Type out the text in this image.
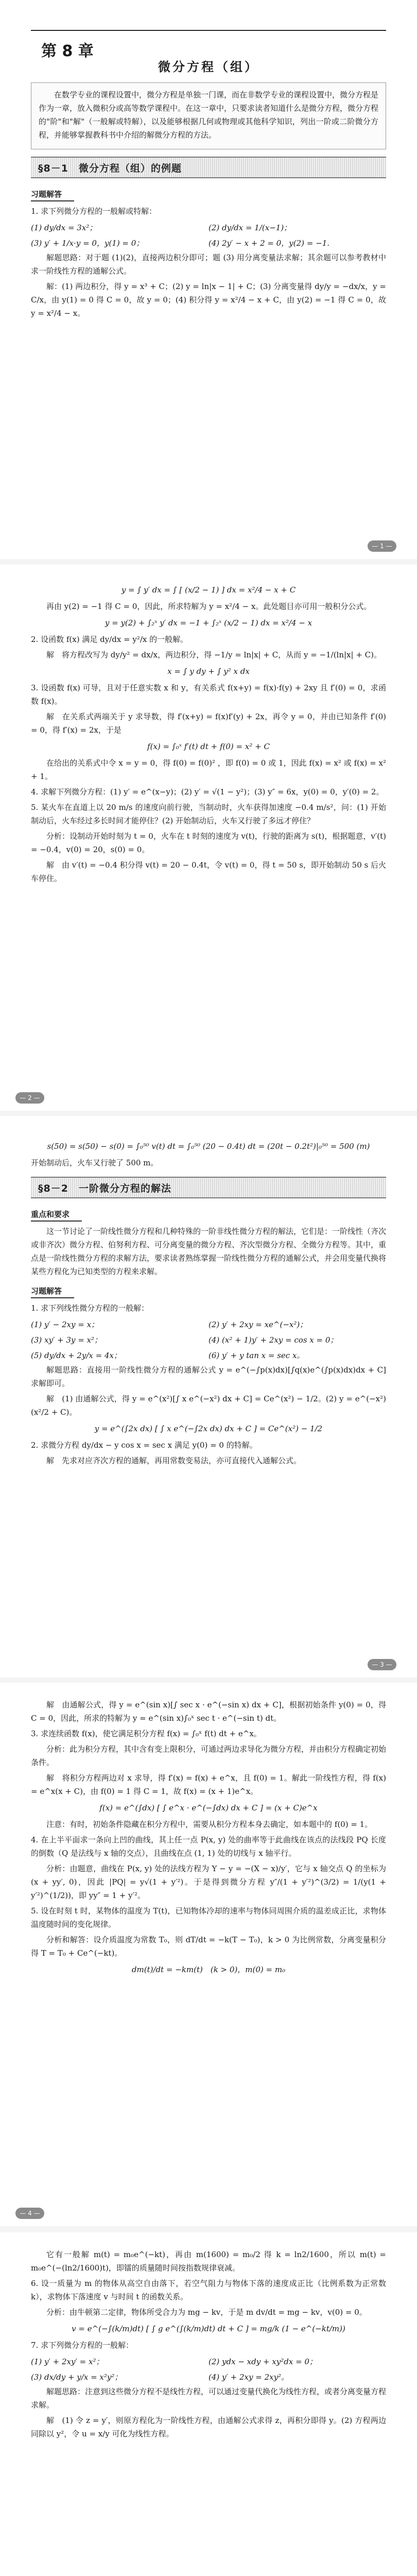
第 8 章
微分方程（组）

在数学专业的课程设置中，微分方程是单独一门课，而在非数学专业的课程设置中，微分方程是作为一章，放入微积分或高等数学课程中。在这一章中，只要求读者知道什么是微分方程，微分方程的"阶"和"解"（一般解或特解），以及能够根据几何或物理或其他科学知识，列出一阶或二阶微分方程，并能够掌握教科书中介绍的解微分方程的方法。

§8－1　微分方程（组）的例题
习题解答

1. 求下列微分方程的一般解或特解：

(1) dy/dx = 3x²；	(2) dy/dx = 1/(x−1)；
(3) y′ + 1/x·y = 0，y(1) = 0；	(4) 2y′ − x + 2 = 0，y(2) = −1.

解题思路：对于题 (1)(2)，直接两边积分即可；题 (3) 用分离变量法求解；其余题可以参考教材中求一阶线性方程的通解公式。

解：(1) 两边积分，得 y = x³ + C；(2) y = ln|x − 1| + C；(3) 分离变量得 dy/y = −dx/x，y = C/x，由 y(1) = 0 得 C = 0，故 y = 0；(4) 积分得 y = x²/4 − x + C，由 y(2) = −1 得 C = 0，故 y = x²/4 − x。

— 1 —
y = ∫ y′ dx = ∫ [ (x/2 − 1) ] dx = x²/4 − x + C

再由 y(2) = −1 得 C = 0，因此，所求特解为 y = x²/4 − x。此处题目亦可用一般积分公式。

y = y(2) + ∫₂ˣ y′ dx = −1 + ∫₂ˣ (x/2 − 1) dx = x²/4 − x

2. 设函数 f(x) 满足 dy/dx = y²/x 的一般解。

解　将方程改写为 dy/y² = dx/x，两边积分，得 −1/y = ln|x| + C，从而 y = −1/(ln|x| + C)。

x = ∫ y dy + ∫ y² x dx

3. 设函数 f(x) 可导，且对于任意实数 x 和 y，有关系式 f(x+y) = f(x)·f(y) + 2xy 且 f′(0) = 0，求函数 f(x)。

解　在关系式两端关于 y 求导数，得 f′(x+y) = f(x)f′(y) + 2x，再令 y = 0，并由已知条件 f′(0) = 0，得 f′(x) = 2x，于是

f(x) = ∫₀ˣ f′(t) dt + f(0) = x² + C

在给出的关系式中令 x = y = 0，得 f(0) = f(0)² ，即 f(0) = 0 或 1，因此 f(x) = x² 或 f(x) = x² + 1。

4. 求解下列微分方程：(1) y′ = e^(x−y)；(2) y′ = √(1 − y²)；(3) y″ = 6x，y(0) = 0，y′(0) = 2。

5. 某火车在直道上以 20 m/s 的速度向前行驶，当制动时，火车获得加速度 −0.4 m/s²，问：(1) 开始制动后，火车经过多长时间才能停住？(2) 开始制动后，火车又行驶了多远才停住？

分析：设制动开始时刻为 t = 0，火车在 t 时刻的速度为 v(t)，行驶的距离为 s(t)，根据题意，v′(t) = −0.4，v(0) = 20，s(0) = 0。

解　由 v′(t) = −0.4 积分得 v(t) = 20 − 0.4t，令 v(t) = 0，得 t = 50 s，即开始制动 50 s 后火车停住。

— 2 —
s(50) = s(50) − s(0) = ∫₀⁵⁰ v(t) dt = ∫₀⁵⁰ (20 − 0.4t) dt = (20t − 0.2t²)|₀⁵⁰ = 500 (m)

开始制动后，火车又行驶了 500 m。

§8－2　一阶微分方程的解法
重点和要求

这一节讨论了一阶线性微分方程和几种特殊的一阶非线性微分方程的解法，它们是：一阶线性（齐次或非齐次）微分方程、伯努利方程、可分离变量的微分方程、齐次型微分方程、全微分方程等。其中，重点是一阶线性微分方程的求解方法，要求读者熟练掌握一阶线性微分方程的通解公式，并会用变量代换将某些方程化为已知类型的方程来求解。

习题解答

1. 求下列线性微分方程的一般解：

(1) y′ − 2xy = x；	(2) y′ + 2xy = xe^(−x²)；
(3) xy′ + 3y = x²；	(4) (x² + 1)y′ + 2xy = cos x = 0；
(5) dy/dx + 2y/x = 4x；	(6) y′ + y tan x = sec x。

解题思路：直接用一阶线性微分方程的通解公式 y = e^(−∫p(x)dx)[∫q(x)e^(∫p(x)dx)dx + C] 求解即可。

解　(1) 由通解公式，得 y = e^(x²)[∫ x e^(−x²) dx + C] = Ce^(x²) − 1/2。(2) y = e^(−x²)(x²/2 + C)。

y = e^(∫2x dx) [ ∫ x e^(−∫2x dx) dx + C ] = Ce^(x²) − 1/2

2. 求微分方程 dy/dx − y cos x = sec x 满足 y(0) = 0 的特解。

解　先求对应齐次方程的通解，再用常数变易法，亦可直接代入通解公式。

— 3 —

解　由通解公式，得 y = e^(sin x)[∫ sec x · e^(−sin x) dx + C]，根据初始条件 y(0) = 0，得 C = 0，因此，所求的特解为 y = e^(sin x)∫₀ˣ sec t · e^(−sin t) dt。

3. 求连续函数 f(x)，使它满足积分方程 f(x) = ∫₀ˣ f(t) dt + e^x。

分析：此为积分方程，其中含有变上限积分，可通过两边求导化为微分方程，并由积分方程确定初始条件。

解　将积分方程两边对 x 求导，得 f′(x) = f(x) + e^x，且 f(0) = 1。解此一阶线性方程，得 f(x) = e^x(x + C)，由 f(0) = 1 得 C = 1，故 f(x) = (x + 1)e^x。

f(x) = e^(∫dx) [ ∫ e^x · e^(−∫dx) dx + C ] = (x + C)e^x

注意：有时，初始条件隐藏在积分方程中，需要从积分方程本身去确定，如本题中的 f(0) = 1。

4. 在上半平面求一条向上凹的曲线，其上任一点 P(x, y) 处的曲率等于此曲线在该点的法线段 PQ 长度的倒数（Q 是法线与 x 轴的交点），且曲线在点 (1, 1) 处的切线与 x 轴平行。

分析：由题意，曲线在 P(x, y) 处的法线方程为 Y − y = −(X − x)/y′，它与 x 轴交点 Q 的坐标为 (x + yy′, 0)，因此 |PQ| = y√(1 + y′²)。于是得到微分方程 y″/(1 + y′²)^(3/2) = 1/(y(1 + y′²)^(1/2))，即 yy″ = 1 + y′²。

5. 设在时刻 t 时，某物体的温度为 T(t)，已知物体冷却的速率与物体同周围介质的温差成正比，求物体温度随时间的变化规律。

分析和解答：设介质温度为常数 T₀，则 dT/dt = −k(T − T₀)，k > 0 为比例常数，分离变量积分得 T = T₀ + Ce^(−kt)。

dm(t)/dt = −km(t)　(k > 0)，m(0) = m₀
— 4 —

它有一般解 m(t) = m₀e^(−kt)，再由 m(1600) = m₀/2 得 k = ln2/1600，所以 m(t) = m₀e^(−(ln2/1600)t)，即镭的质量随时间按指数规律衰减。

6. 设一质量为 m 的物体从高空自由落下，若空气阻力与物体下落的速度成正比（比例系数为正常数 k），求物体下落速度 v 与时间 t 的函数关系。

分析：由牛顿第二定律，物体所受合力为 mg − kv，于是 m dv/dt = mg − kv，v(0) = 0。

v = e^(−∫(k/m)dt) [ ∫ g e^(∫(k/m)dt) dt + C ] = mg/k (1 − e^(−kt/m))

7. 求下列微分方程的一般解：

(1) y′ + 2xy′ = x²；	(2) ydx − xdy + xy²dx = 0；
(3) dx/dy + y/x = x²y²；	(4) y′ + 2xy = 2xy²。

解题思路：注意到这些微分方程不是线性方程，可以通过变量代换化为线性方程，或者分离变量方程求解。

解　(1) 令 z = y′，则原方程化为一阶线性方程，由通解公式求得 z，再积分即得 y。(2) 方程两边同除以 y²，令 u = x/y 可化为线性方程。
